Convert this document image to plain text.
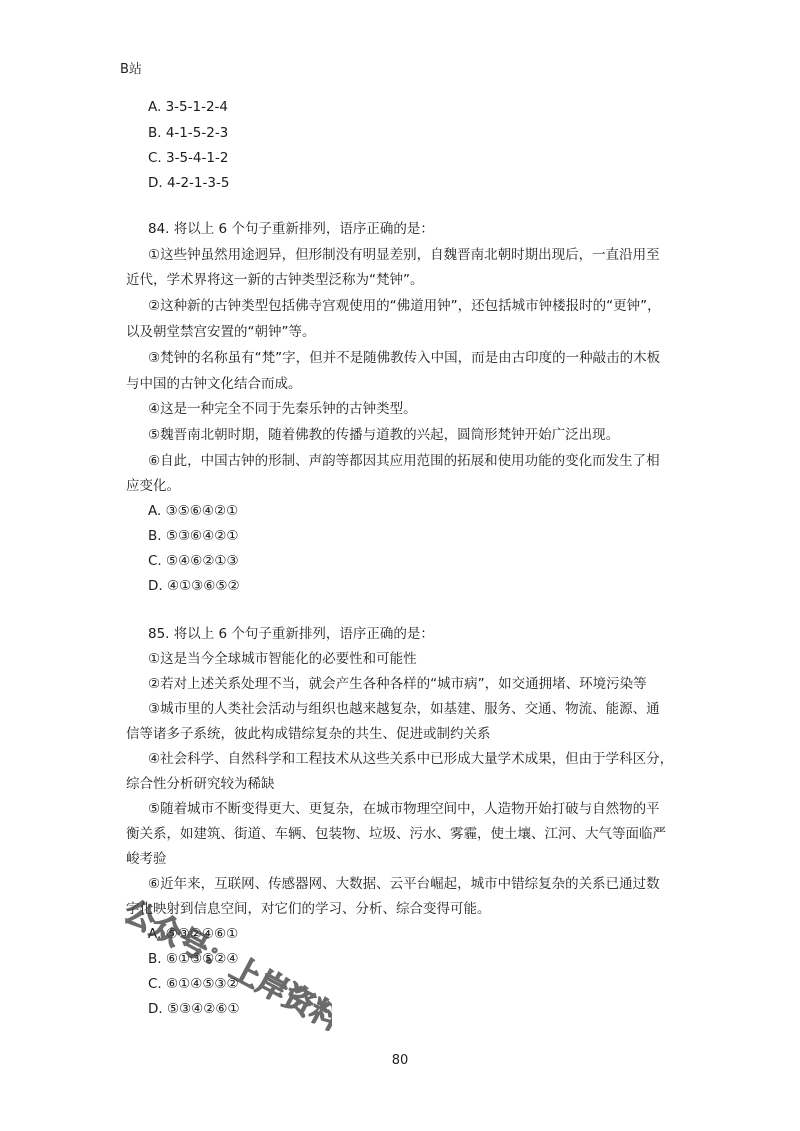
B站
A. 3-5-1-2-4
B. 4-1-5-2-3
C. 3-5-4-1-2
D. 4-2-1-3-5
84. 将以上 6 个句子重新排列，语序正确的是：
①这些钟虽然用途迥异，但形制没有明显差别，自魏晋南北朝时期出现后，一直沿用至
近代，学术界将这一新的古钟类型泛称为“梵钟”。
②这种新的古钟类型包括佛寺宫观使用的“佛道用钟”，还包括城市钟楼报时的“更钟”，
以及朝堂禁宫安置的“朝钟”等。
③梵钟的名称虽有“梵”字，但并不是随佛教传入中国，而是由古印度的一种敲击的木板
与中国的古钟文化结合而成。
④这是一种完全不同于先秦乐钟的古钟类型。
⑤魏晋南北朝时期，随着佛教的传播与道教的兴起，圆筒形梵钟开始广泛出现。
⑥自此，中国古钟的形制、声韵等都因其应用范围的拓展和使用功能的变化而发生了相
应变化。
A. ③⑤⑥④②①
B. ⑤③⑥④②①
C. ⑤④⑥②①③
D. ④①③⑥⑤②
85. 将以上 6 个句子重新排列，语序正确的是：
①这是当今全球城市智能化的必要性和可能性
②若对上述关系处理不当，就会产生各种各样的“城市病”，如交通拥堵、环境污染等
③城市里的人类社会活动与组织也越来越复杂，如基建、服务、交通、物流、能源、通
信等诸多子系统，彼此构成错综复杂的共生、促进或制约关系
④社会科学、自然科学和工程技术从这些关系中已形成大量学术成果，但由于学科区分，
综合性分析研究较为稀缺
⑤随着城市不断变得更大、更复杂，在城市物理空间中，人造物开始打破与自然物的平
衡关系，如建筑、街道、车辆、包装物、垃圾、污水、雾霾，使土壤、江河、大气等面临严
峻考验
⑥近年来，互联网、传感器网、大数据、云平台崛起，城市中错综复杂的关系已通过数
字化映射到信息空间，对它们的学习、分析、综合变得可能。
A. ⑤③②④⑥①
B. ⑥①③⑤②④
C. ⑥①④⑤③②
D. ⑤③④②⑥①
公众号：上岸资料库
80
